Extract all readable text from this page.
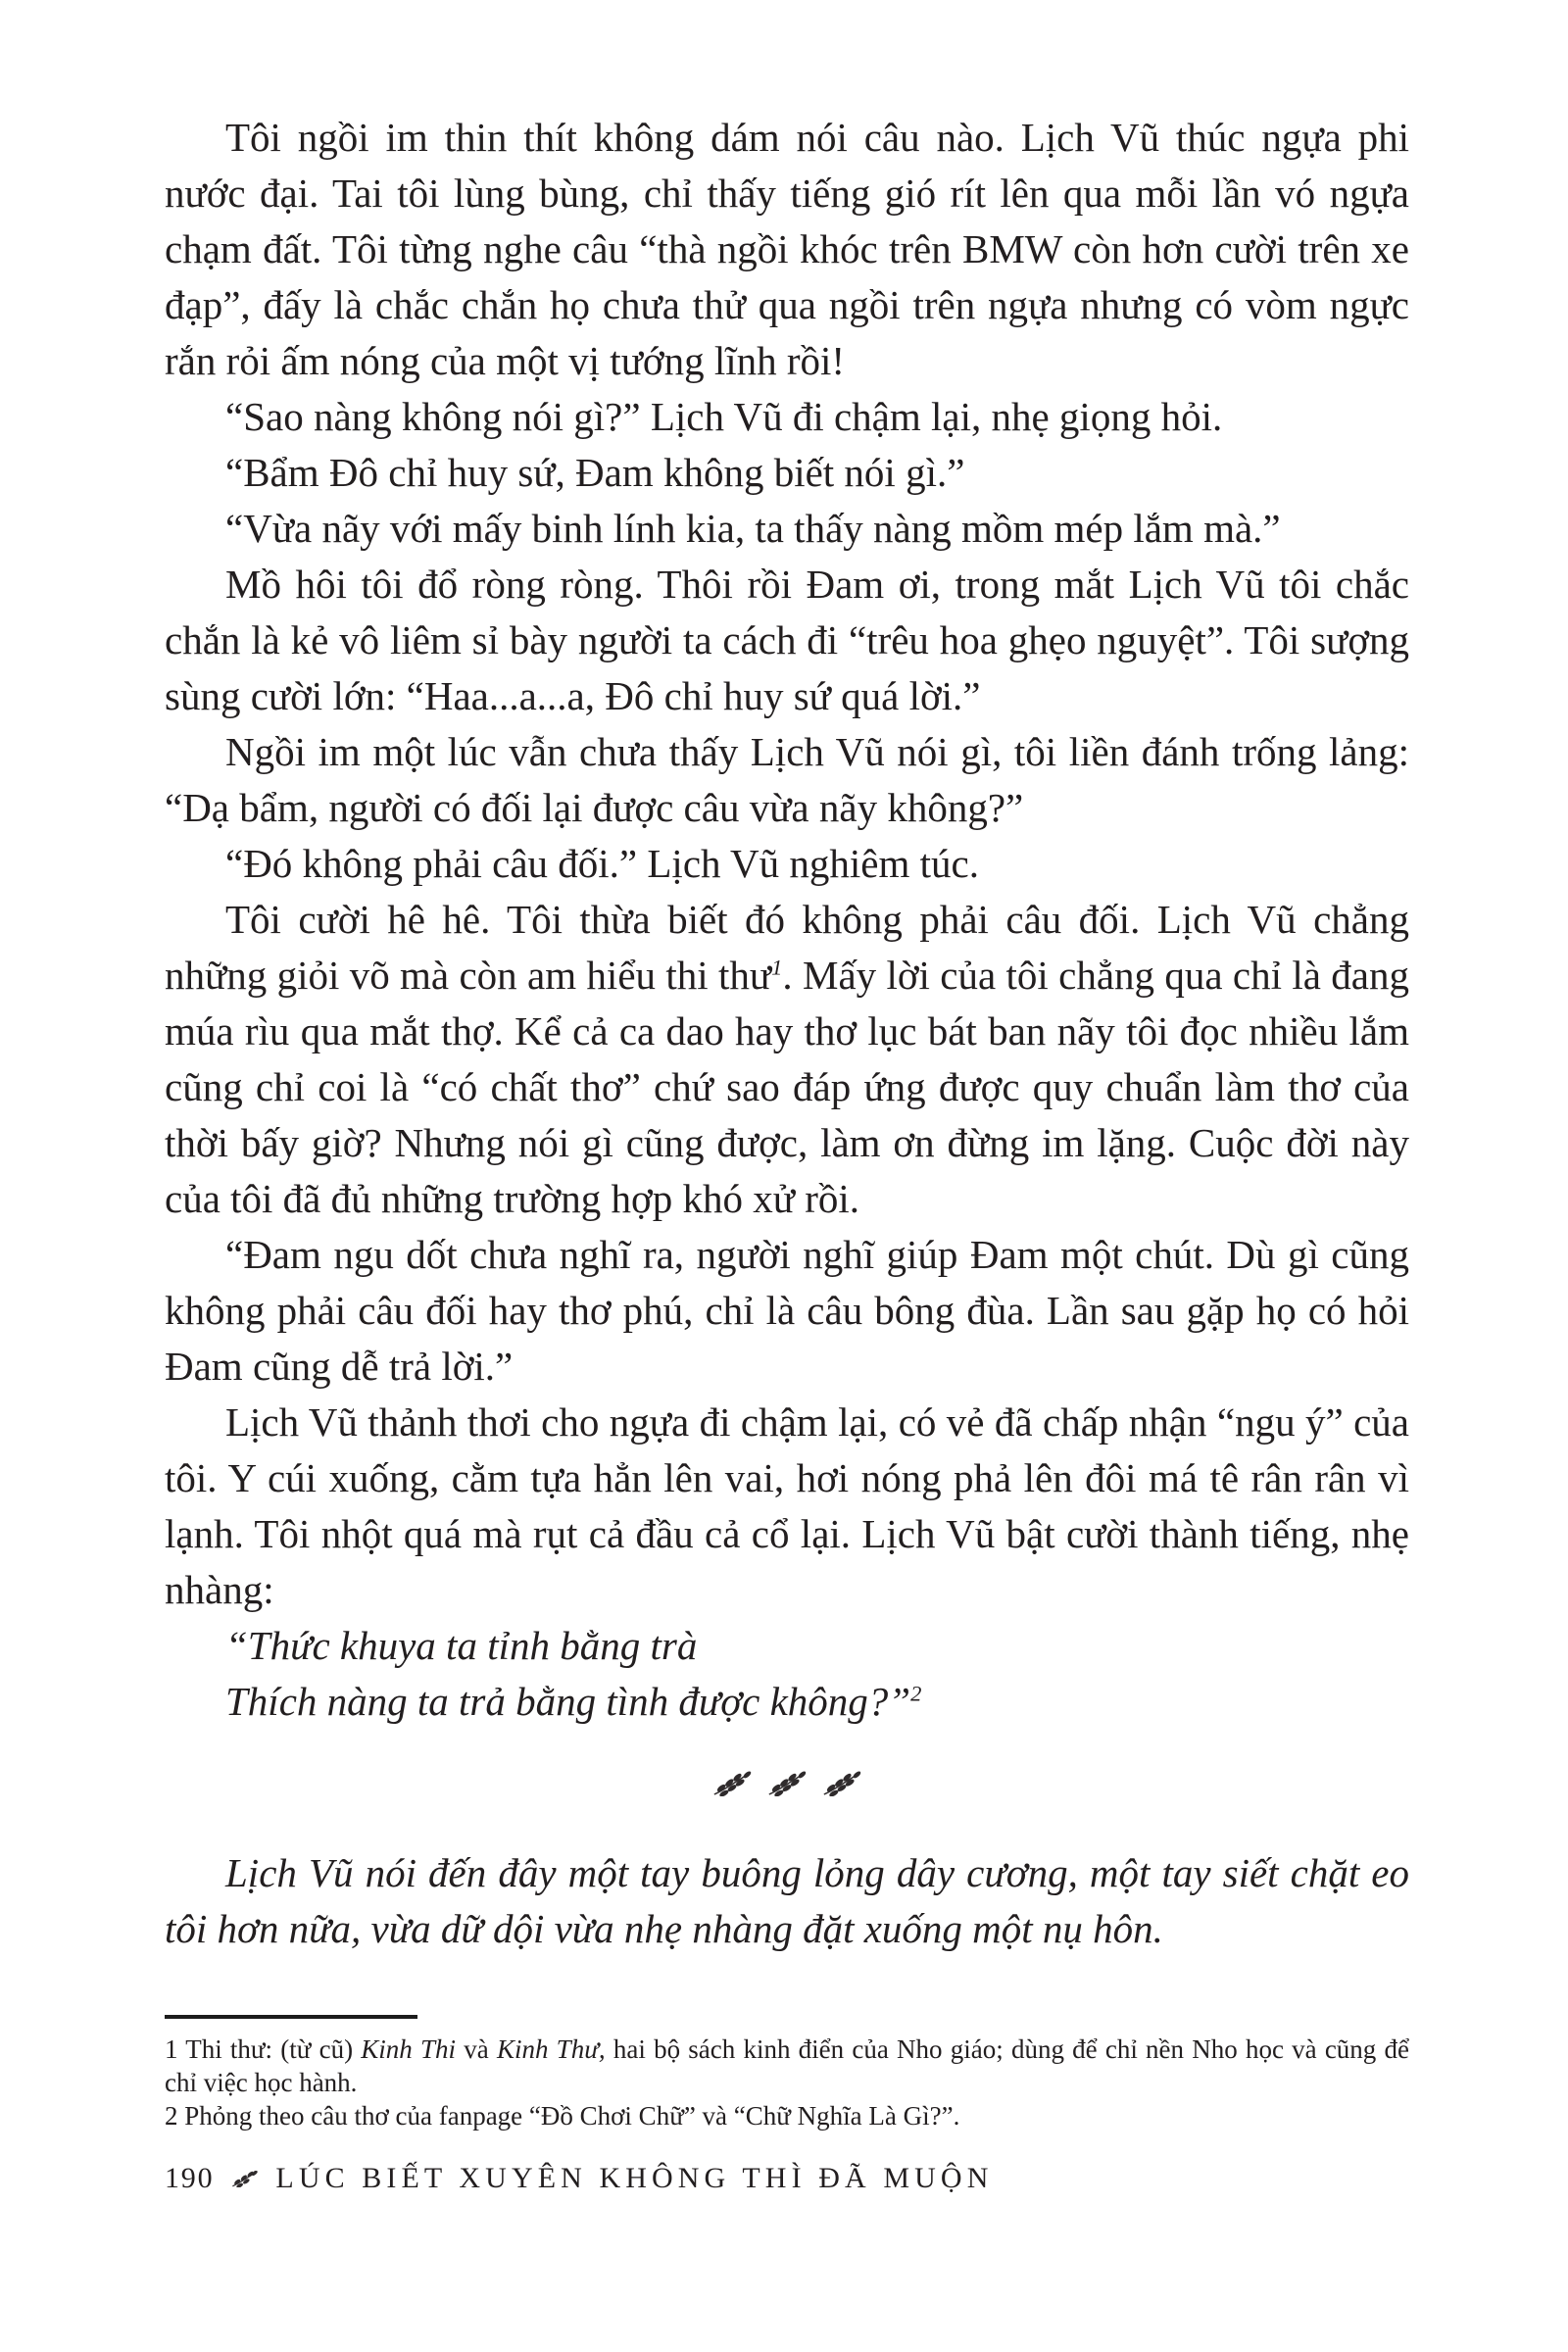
Tôi ngồi im thin thít không dám nói câu nào. Lịch Vũ thúc ngựa phi nước đại. Tai tôi lùng bùng, chỉ thấy tiếng gió rít lên qua mỗi lần vó ngựa chạm đất. Tôi từng nghe câu “thà ngồi khóc trên BMW còn hơn cười trên xe đạp”, đấy là chắc chắn họ chưa thử qua ngồi trên ngựa nhưng có vòm ngực rắn rỏi ấm nóng của một vị tướng lĩnh rồi!

“Sao nàng không nói gì?” Lịch Vũ đi chậm lại, nhẹ giọng hỏi.

“Bẩm Đô chỉ huy sứ, Đam không biết nói gì.”

“Vừa nãy với mấy binh lính kia, ta thấy nàng mồm mép lắm mà.”

Mồ hôi tôi đổ ròng ròng. Thôi rồi Đam ơi, trong mắt Lịch Vũ tôi chắc chắn là kẻ vô liêm sỉ bày người ta cách đi “trêu hoa ghẹo nguyệt”. Tôi sượng sùng cười lớn: “Haa...a...a, Đô chỉ huy sứ quá lời.”

Ngồi im một lúc vẫn chưa thấy Lịch Vũ nói gì, tôi liền đánh trống lảng: “Dạ bẩm, người có đối lại được câu vừa nãy không?”

“Đó không phải câu đối.” Lịch Vũ nghiêm túc.

Tôi cười hê hê. Tôi thừa biết đó không phải câu đối. Lịch Vũ chẳng những giỏi võ mà còn am hiểu thi thư$^1$. Mấy lời của tôi chẳng qua chỉ là đang múa rìu qua mắt thợ. Kể cả ca dao hay thơ lục bát ban nãy tôi đọc nhiều lắm cũng chỉ coi là “có chất thơ” chứ sao đáp ứng được quy chuẩn làm thơ của thời bấy giờ? Nhưng nói gì cũng được, làm ơn đừng im lặng. Cuộc đời này của tôi đã đủ những trường hợp khó xử rồi.

“Đam ngu dốt chưa nghĩ ra, người nghĩ giúp Đam một chút. Dù gì cũng không phải câu đối hay thơ phú, chỉ là câu bông đùa. Lần sau gặp họ có hỏi Đam cũng dễ trả lời.”

Lịch Vũ thảnh thơi cho ngựa đi chậm lại, có vẻ đã chấp nhận “ngu ý” của tôi. Y cúi xuống, cằm tựa hẳn lên vai, hơi nóng phả lên đôi má tê rân rân vì lạnh. Tôi nhột quá mà rụt cả đầu cả cổ lại. Lịch Vũ bật cười thành tiếng, nhẹ nhàng:

“Thức khuya ta tỉnh bằng trà

Thích nàng ta trả bằng tình được không?”$^2$

Lịch Vũ nói đến đây một tay buông lỏng dây cương, một tay siết chặt eo tôi hơn nữa, vừa dữ dội vừa nhẹ nhàng đặt xuống một nụ hôn.

1 Thi thư: (từ cũ) Kinh Thi và Kinh Thư, hai bộ sách kinh điển của Nho giáo; dùng để chỉ nền Nho học và cũng để chỉ việc học hành.

2 Phỏng theo câu thơ của fanpage “Đồ Chơi Chữ” và “Chữ Nghĩa Là Gì?”.

190 LÚC BIẾT XUYÊN KHÔNG THÌ ĐÃ MUỘN
